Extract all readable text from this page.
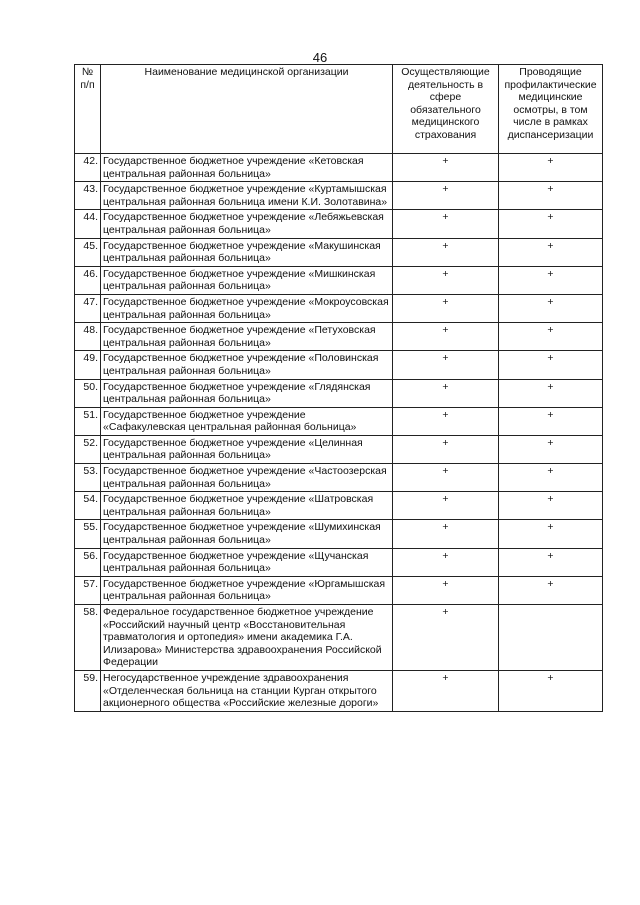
46
№ п/п	Наименование медицинской организации	Осуществляющие деятельность в сфере обязательного медицинского страхования	Проводящие профилактические медицинские осмотры, в том числе в рамках диспансеризации
42.	Государственное бюджетное учреждение «Кетовская центральная районная больница»	+	+
43.	Государственное бюджетное учреждение «Куртамышская центральная районная больница имени К.И. Золотавина»	+	+
44.	Государственное бюджетное учреждение «Лебяжьевская центральная районная больница»	+	+
45.	Государственное бюджетное учреждение «Макушинская центральная районная больница»	+	+
46.	Государственное бюджетное учреждение «Мишкинская центральная районная больница»	+	+
47.	Государственное бюджетное учреждение «Мокроусовская центральная районная больница»	+	+
48.	Государственное бюджетное учреждение «Петуховская центральная районная больница»	+	+
49.	Государственное бюджетное учреждение «Половинская центральная районная больница»	+	+
50.	Государственное бюджетное учреждение «Глядянская центральная районная больница»	+	+
51.	Государственное бюджетное учреждение «Сафакулевская центральная районная больница»	+	+
52.	Государственное бюджетное учреждение «Целинная центральная районная больница»	+	+
53.	Государственное бюджетное учреждение «Частоозерская центральная районная больница»	+	+
54.	Государственное бюджетное учреждение «Шатровская центральная районная больница»	+	+
55.	Государственное бюджетное учреждение «Шумихинская центральная районная больница»	+	+
56.	Государственное бюджетное учреждение «Щучанская центральная районная больница»	+	+
57.	Государственное бюджетное учреждение «Юргамышская центральная районная больница»	+	+
58.	Федеральное государственное бюджетное учреждение «Российский научный центр «Восстановительная травматология и ортопедия» имени академика Г.А. Илизарова» Министерства здравоохранения Российской Федерации	+	
59.	Негосударственное учреждение здравоохранения «Отделенческая больница на станции Курган открытого акционерного общества «Российские железные дороги»	+	+
